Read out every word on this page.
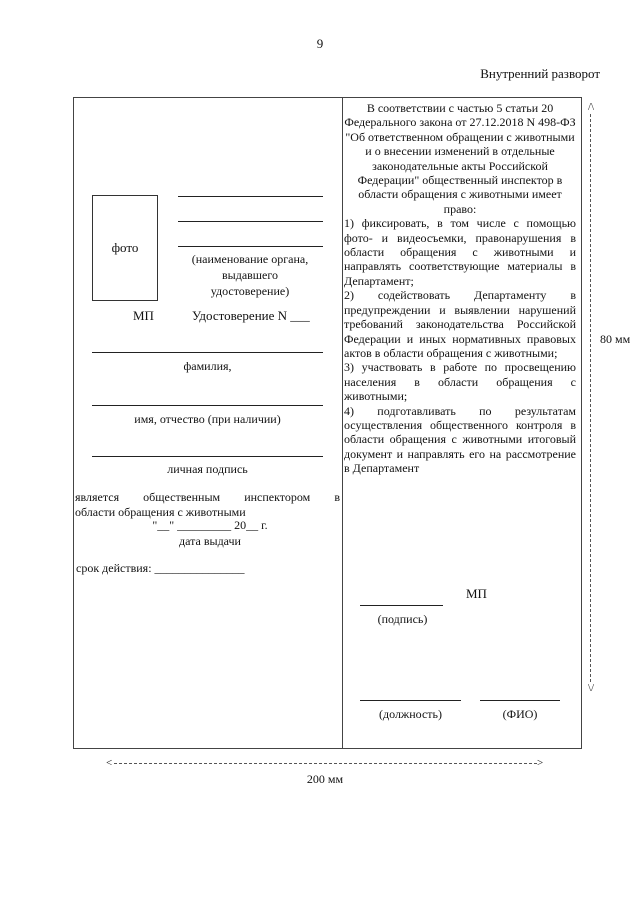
9
Внутренний разворот
фото
(наименование органа,
выдавшего
удостоверение)
МП	Удостоверение N ___
фамилия,
имя, отчество (при наличии)
личная подпись
является общественным инспектором в
области обращения с животными
"__" _________ 20__ г.
дата выдачи
срок действия: _______________

В соответствии с частью 5 статьи 20 Федерального закона от 27.12.2018 N 498-ФЗ "Об ответственном обращении с животными и о внесении изменений в отдельные законодательные акты Российской Федерации" общественный инспектор в области обращения с животными имеет право:

1) фиксировать, в том числе с помощью фото- и видеосъемки, правонарушения в области обращения с животными и направлять соответствующие материалы в Департамент;

2) содействовать Департаменту в предупреждении и выявлении нарушений требований законодательства Российской Федерации и иных нормативных правовых актов в области обращения с животными;

3) участвовать в работе по просвещению населения в области обращения с животными;

4) подготавливать по результатам осуществления общественного контроля в области обращения с животными итоговый документ и направлять его на рассмотрение в Департамент

МП
(подпись)
(должность)	(ФИО)
/\
\/
80 мм
<	>
200 мм
